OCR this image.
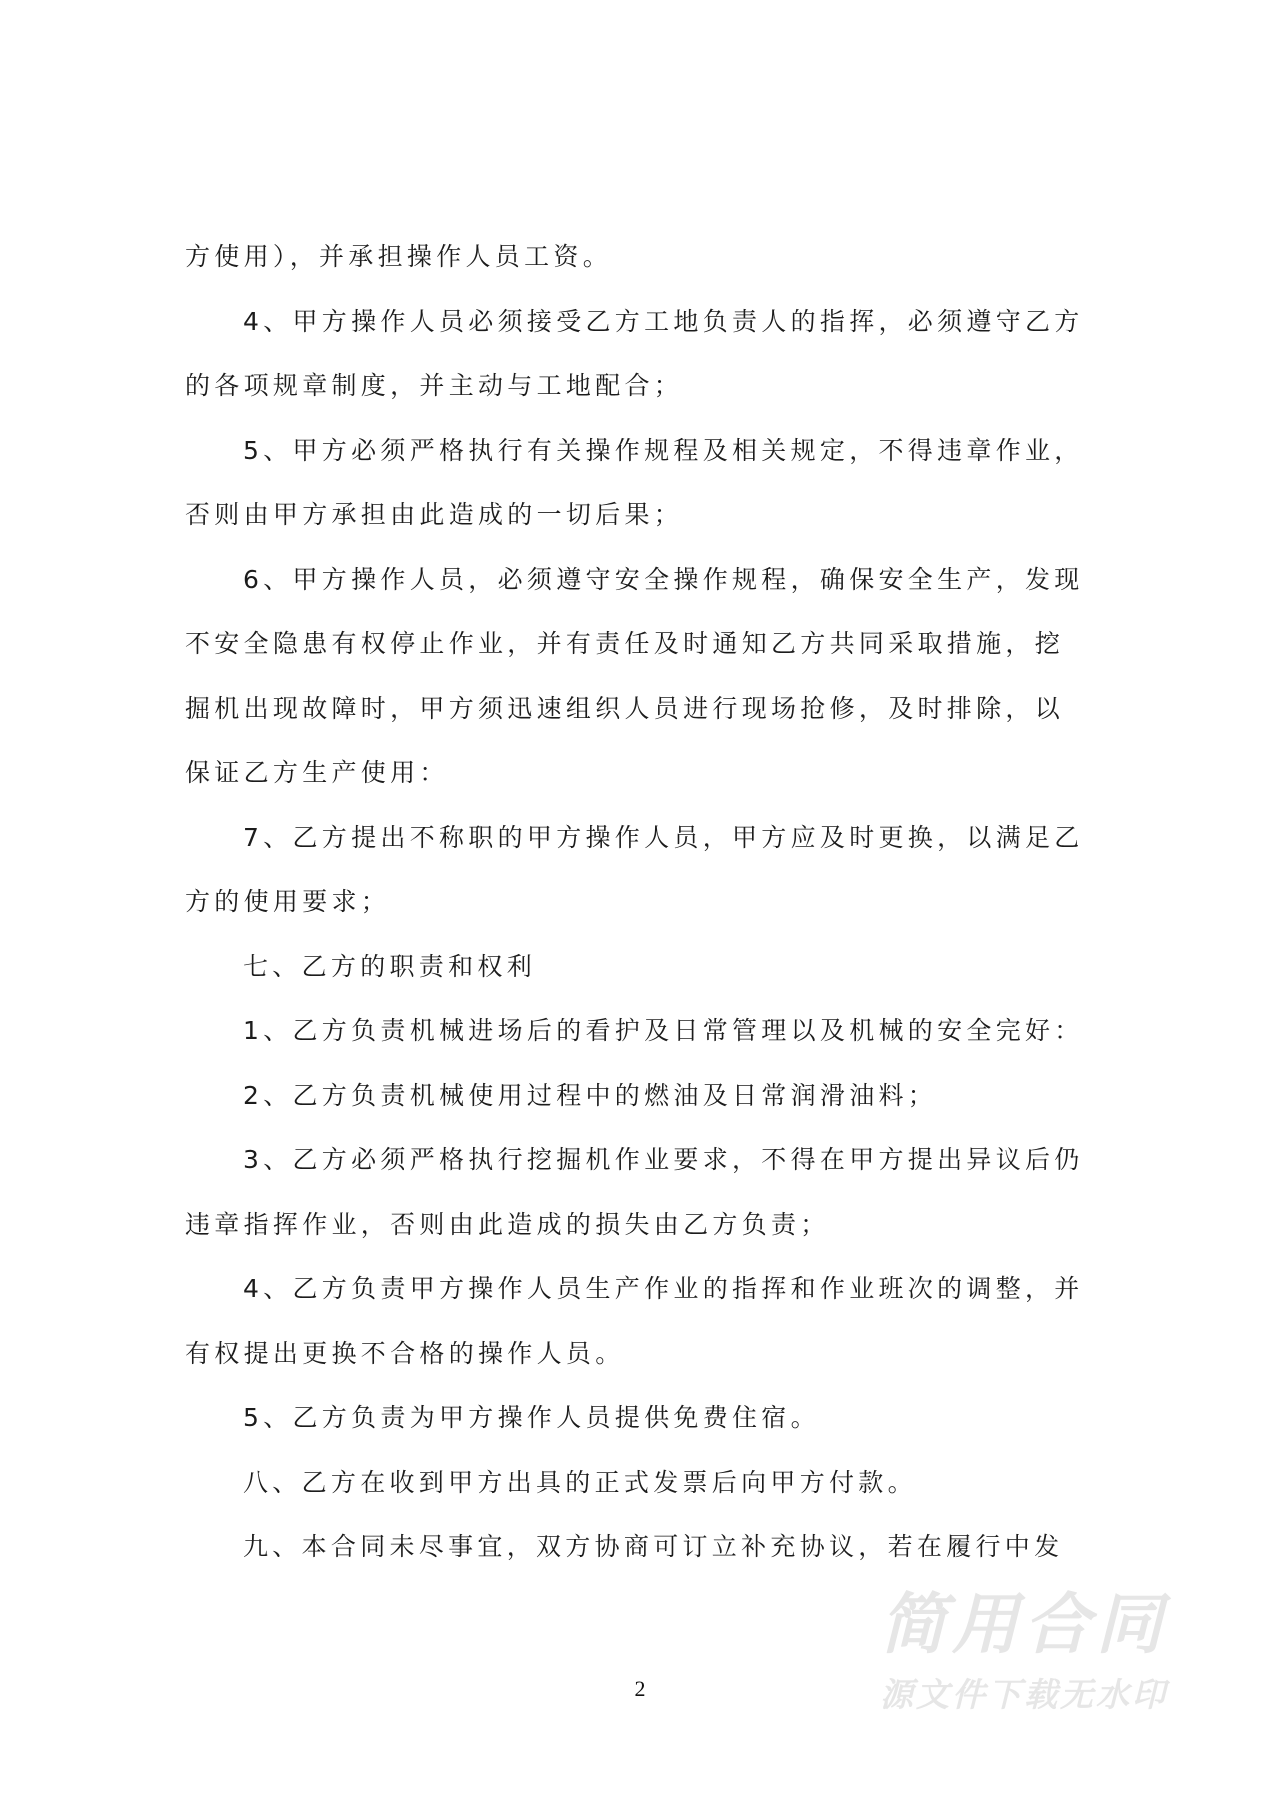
方使用），并承担操作人员工资。
4、甲方操作人员必须接受乙方工地负责人的指挥，必须遵守乙方
的各项规章制度，并主动与工地配合；
5、甲方必须严格执行有关操作规程及相关规定，不得违章作业，
否则由甲方承担由此造成的一切后果；
6、甲方操作人员，必须遵守安全操作规程，确保安全生产，发现
不安全隐患有权停止作业，并有责任及时通知乙方共同采取措施，挖
掘机出现故障时，甲方须迅速组织人员进行现场抢修，及时排除，以
保证乙方生产使用：
7、乙方提出不称职的甲方操作人员，甲方应及时更换，以满足乙
方的使用要求；
七、乙方的职责和权利
1、乙方负责机械进场后的看护及日常管理以及机械的安全完好：
2、乙方负责机械使用过程中的燃油及日常润滑油料；
3、乙方必须严格执行挖掘机作业要求，不得在甲方提出异议后仍
违章指挥作业，否则由此造成的损失由乙方负责；
4、乙方负责甲方操作人员生产作业的指挥和作业班次的调整，并
有权提出更换不合格的操作人员。
5、乙方负责为甲方操作人员提供免费住宿。
八、乙方在收到甲方出具的正式发票后向甲方付款。
九、本合同未尽事宜，双方协商可订立补充协议，若在履行中发
简用合同
源文件下载无水印
2
